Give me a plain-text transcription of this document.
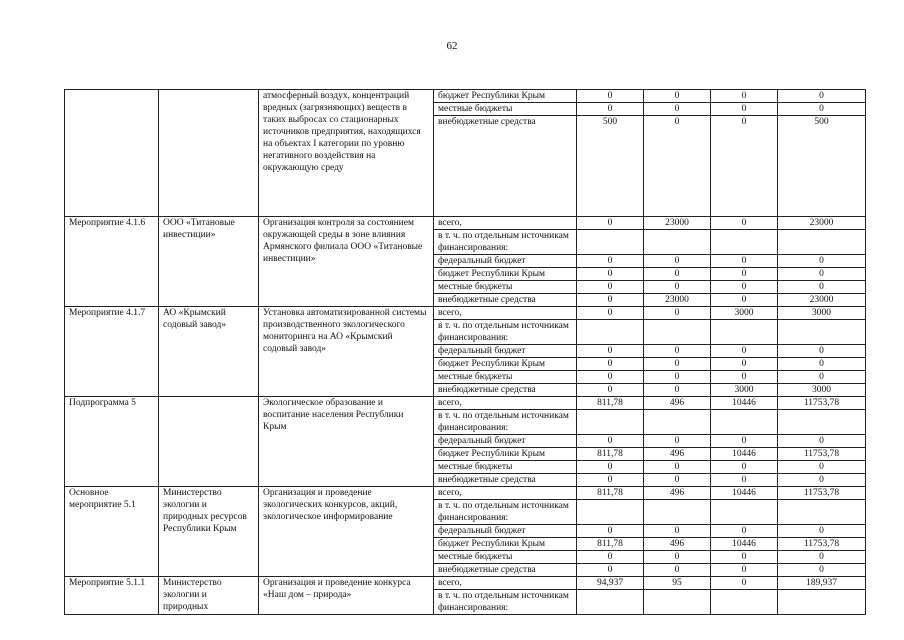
62
		атмосферный воздух, концентраций вредных (загрязняющих) веществ в таких выбросах со стационарных источников предприятия, находящихся на объектах I категории по уровню негативного воздействия на окружающую среду	бюджет Республики Крым	0	0	0	0
			местные бюджеты	0	0	0	0
			внебюджетные средства	500	0	0	500
Мероприятие 4.1.6	ООО «Титановые инвестиции»	Организация контроля за состоянием окружающей среды в зоне влияния Армянского филиала ООО «Титановые инвестиции»	всего,	0	23000	0	23000
			в т. ч. по отдельным источникам финансирования:				
			федеральный бюджет	0	0	0	0
			бюджет Республики Крым	0	0	0	0
			местные бюджеты	0	0	0	0
			внебюджетные средства	0	23000	0	23000
Мероприятие 4.1.7	АО «Крымский содовый завод»	Установка автоматизированной системы производственного экологического мониторинга на АО «Крымский содовый завод»	всего,	0	0	3000	3000
			в т. ч. по отдельным источникам финансирования:				
			федеральный бюджет	0	0	0	0
			бюджет Республики Крым	0	0	0	0
			местные бюджеты	0	0	0	0
			внебюджетные средства	0	0	3000	3000
Подпрограмма 5		Экологическое образование и воспитание населения Республики Крым	всего,	811,78	496	10446	11753,78
			в т. ч. по отдельным источникам финансирования:				
			федеральный бюджет	0	0	0	0
			бюджет Республики Крым	811,78	496	10446	11753,78
			местные бюджеты	0	0	0	0
			внебюджетные средства	0	0	0	0
Основное мероприятие 5.1	Министерство экологии и природных ресурсов Республики Крым	Организация и проведение экологических конкурсов, акций, экологическое информирование	всего,	811,78	496	10446	11753,78
			в т. ч. по отдельным источникам финансирования:				
			федеральный бюджет	0	0	0	0
			бюджет Республики Крым	811,78	496	10446	11753,78
			местные бюджеты	0	0	0	0
			внебюджетные средства	0	0	0	0
Мероприятие 5.1.1	Министерство экологии и природных	Организация и проведение конкурса «Наш дом – природа»	всего,	94,937	95	0	189,937
			в т. ч. по отдельным источникам финансирования:				
